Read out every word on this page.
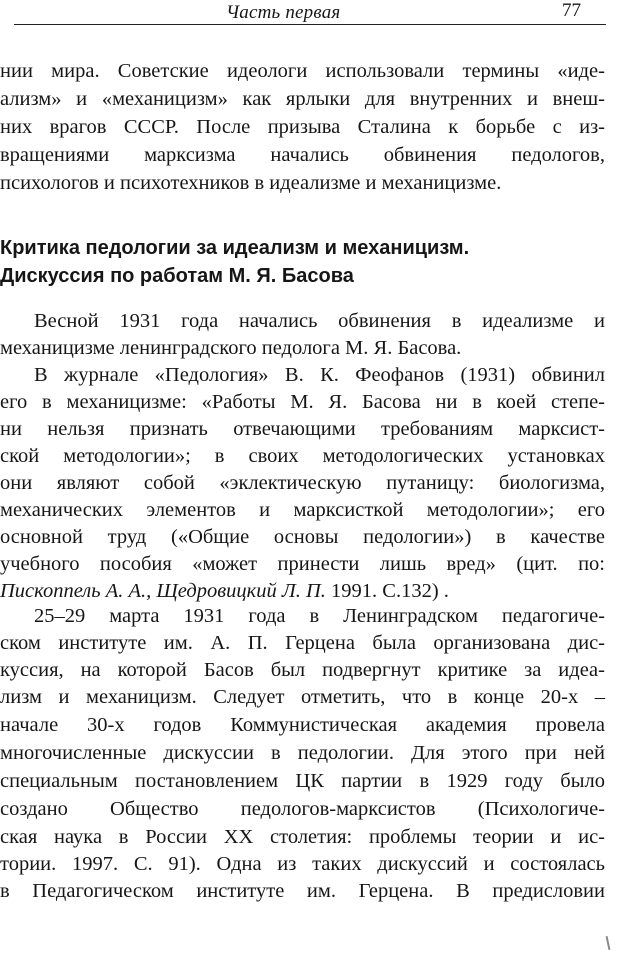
Часть первая	77
нии мира. Советские идеологи использовали термины «иде-
ализм» и «механицизм» как ярлыки для внутренних и внеш-
них врагов СССР. После призыва Сталина к борьбе с из-
вращениями марксизма начались обвинения педологов,
психологов и психотехников в идеализме и механицизме.
Критика педологии за идеализм и механицизм.
Дискуссия по работам М. Я. Басова
Весной 1931 года начались обвинения в идеализме и
механицизме ленинградского педолога М. Я. Басова.
В журнале «Педология» В. К. Феофанов (1931) обвинил
его в механицизме: «Работы М. Я. Басова ни в коей степе-
ни нельзя признать отвечающими требованиям марксист-
ской методологии»; в своих методологических установках
они являют собой «эклектическую путаницу: биологизма,
механических элементов и марксисткой методологии»; его
основной труд («Общие основы педологии») в качестве
учебного пособия «может принести лишь вред» (цит. по:
Пископпель А. А., Щедровицкий Л. П. 1991. С.132) .
25–29 марта 1931 года в Ленинградском педагогиче-
ском институте им. А. П. Герцена была организована дис-
куссия, на которой Басов был подвергнут критике за идеа-
лизм и механицизм. Следует отметить, что в конце 20-х –
начале 30-х годов Коммунистическая академия провела
многочисленные дискуссии в педологии. Для этого при ней
специальным постановлением ЦК партии в 1929 году было
создано Общество педологов-марксистов (Психологиче-
ская наука в России XX столетия: проблемы теории и ис-
тории. 1997. С. 91). Одна из таких дискуссий и состоялась
в Педагогическом институте им. Герцена. В предисловии
